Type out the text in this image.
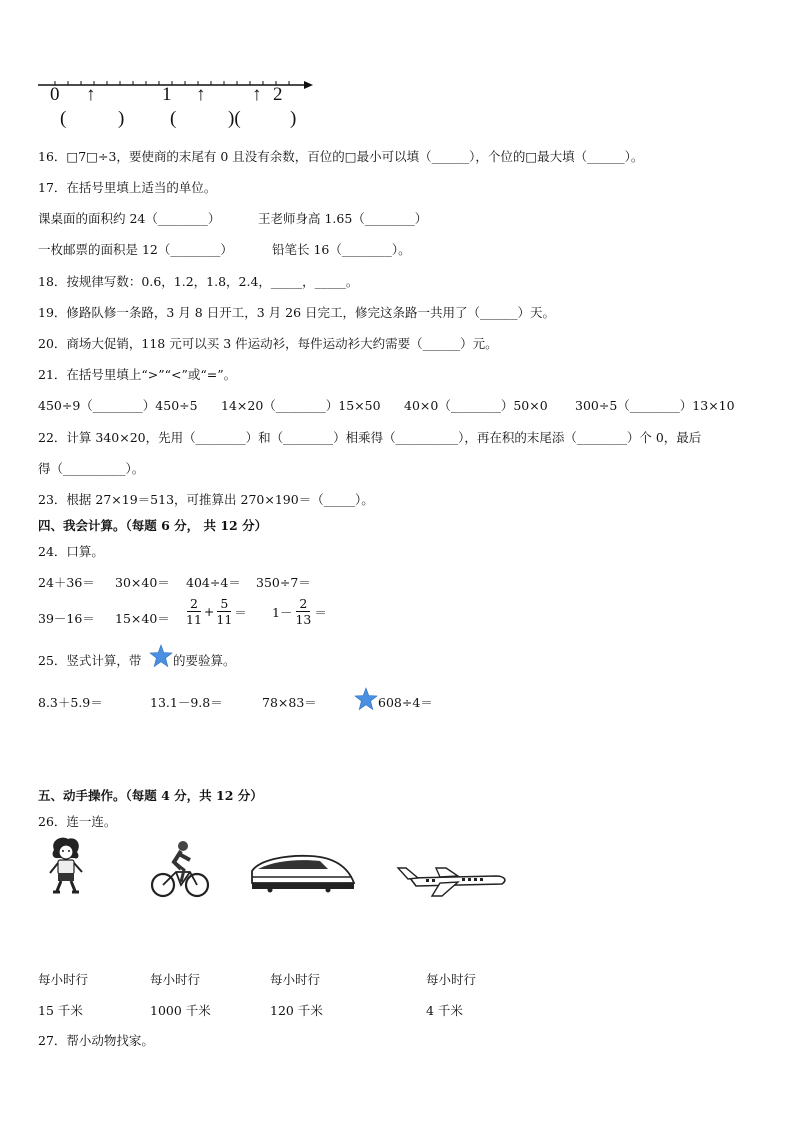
0 ↑	1 ↑ ↑ 2
(	) (	)(	)
16．□7□÷3，要使商的末尾有 0 且没有余数，百位的□最小可以填（______），个位的□最大填（______）。
17．在括号里填上适当的单位。
课桌面的面积约 24（________）	王老师身高 1.65（________）
一枚邮票的面积是 12（________）	铅笔长 16（________）。
18．按规律写数：0.6，1.2，1.8，2.4，_____，_____。
19．修路队修一条路，3 月 8 日开工，3 月 26 日完工，修完这条路一共用了（______）天。
20．商场大促销，118 元可以买 3 件运动衫，每件运动衫大约需要（______）元。
21．在括号里填上“>”“<”或“=”。
450÷9（________）450÷5 14×20（________）15×50 40×0（________）50×0 300÷5（________）13×10
22．计算 340×20，先用（________）和（________）相乘得（__________），再在积的末尾添（________）个 0，最后
得（__________）。
23．根据 27×19＝513，可推算出 270×190＝（_____）。
四、我会计算。（每题 6 分， 共 12 分）
24．口算。
24＋36＝ 30×40＝ 404÷4＝ 350÷7＝
$39-16= 15\times 40= \frac{2}{11} + \frac{5}{11} = 1- \frac{2}{13}$ ＝
25．竖式计算，带	的要验算。
8.3＋5.9＝	13.1－9.8＝	78×83＝	608÷4＝
五、动手操作。（每题 4 分，共 12 分）
26．连一连。
每小时行
15 千米
每小时行
1000 千米
每小时行
120 千米
每小时行
4 千米
27．帮小动物找家。
